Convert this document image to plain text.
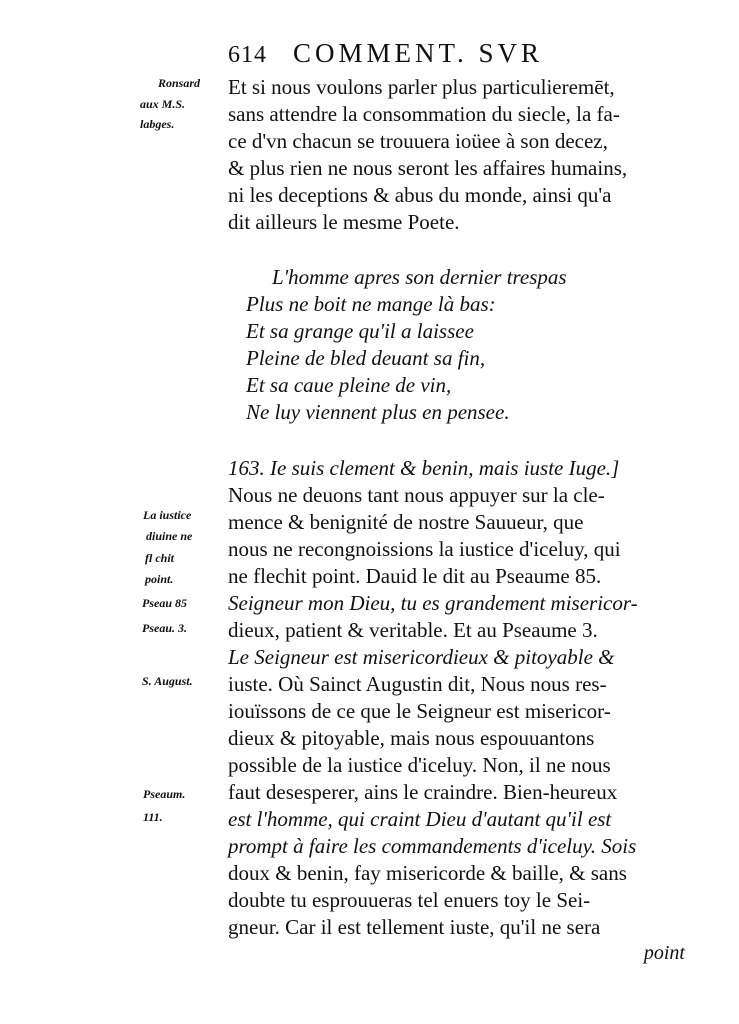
614 COMMENT. SVR
Ronsard
aux M.S.
labges.
La iustice
diuine ne
fl chit
point.
Pseau 85
Pseau. 3.
S. August.
Pseaum.
111.
Et si nous voulons parler plus particulieremēt,
sans attendre la consommation du siecle, la fa-
ce d'vn chacun se trouuera ioüee à son decez,
& plus rien ne nous seront les affaires humains,
ni les deceptions & abus du monde, ainsi qu'a
dit ailleurs le mesme Poete.
L'homme apres son dernier trespas
Plus ne boit ne mange là bas:
Et sa grange qu'il a laissee
Pleine de bled deuant sa fin,
Et sa caue pleine de vin,
Ne luy viennent plus en pensee.
163. Ie suis clement & benin, mais iuste Iuge.]
Nous ne deuons tant nous appuyer sur la cle-
mence & benignité de nostre Sauueur, que
nous ne recongnoissions la iustice d'iceluy, qui
ne flechit point. Dauid le dit au Pseaume 85.
Seigneur mon Dieu, tu es grandement misericor-
dieux, patient & veritable. Et au Pseaume 3.
Le Seigneur est misericordieux & pitoyable &
iuste. Où Sainct Augustin dit, Nous nous res-
iouïssons de ce que le Seigneur est misericor-
dieux & pitoyable, mais nous espouuantons
possible de la iustice d'iceluy. Non, il ne nous
faut desesperer, ains le craindre. Bien-heureux
est l'homme, qui craint Dieu d'autant qu'il est
prompt à faire les commandements d'iceluy. Sois
doux & benin, fay misericorde & baille, & sans
doubte tu esprouueras tel enuers toy le Sei-
gneur. Car il est tellement iuste, qu'il ne sera
point
